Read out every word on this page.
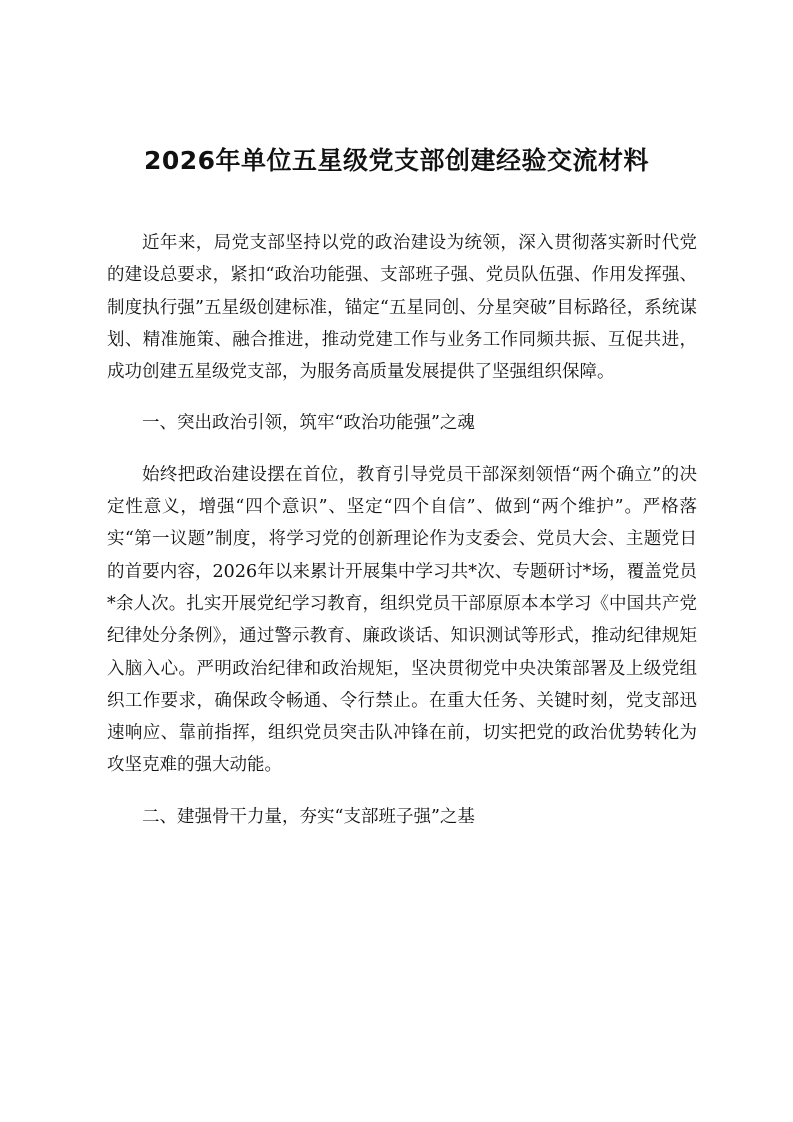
2026年单位五星级党支部创建经验交流材料

近年来，局党支部坚持以党的政治建设为统领，深入贯彻落实新时代党的建设总要求，紧扣“政治功能强、支部班子强、党员队伍强、作用发挥强、制度执行强”五星级创建标准，锚定“五星同创、分星突破”目标路径，系统谋划、精准施策、融合推进，推动党建工作与业务工作同频共振、互促共进，成功创建五星级党支部，为服务高质量发展提供了坚强组织保障。

一、突出政治引领，筑牢“政治功能强”之魂

始终把政治建设摆在首位，教育引导党员干部深刻领悟“两个确立”的决定性意义，增强“四个意识”、坚定“四个自信”、做到“两个维护”。严格落实“第一议题”制度，将学习党的创新理论作为支委会、党员大会、主题党日的首要内容，2026年以来累计开展集中学习共*次、专题研讨*场，覆盖党员*余人次。扎实开展党纪学习教育，组织党员干部原原本本学习《中国共产党纪律处分条例》，通过警示教育、廉政谈话、知识测试等形式，推动纪律规矩入脑入心。严明政治纪律和政治规矩，坚决贯彻党中央决策部署及上级党组织工作要求，确保政令畅通、令行禁止。在重大任务、关键时刻，党支部迅速响应、靠前指挥，组织党员突击队冲锋在前，切实把党的政治优势转化为攻坚克难的强大动能。

二、建强骨干力量，夯实“支部班子强”之基
